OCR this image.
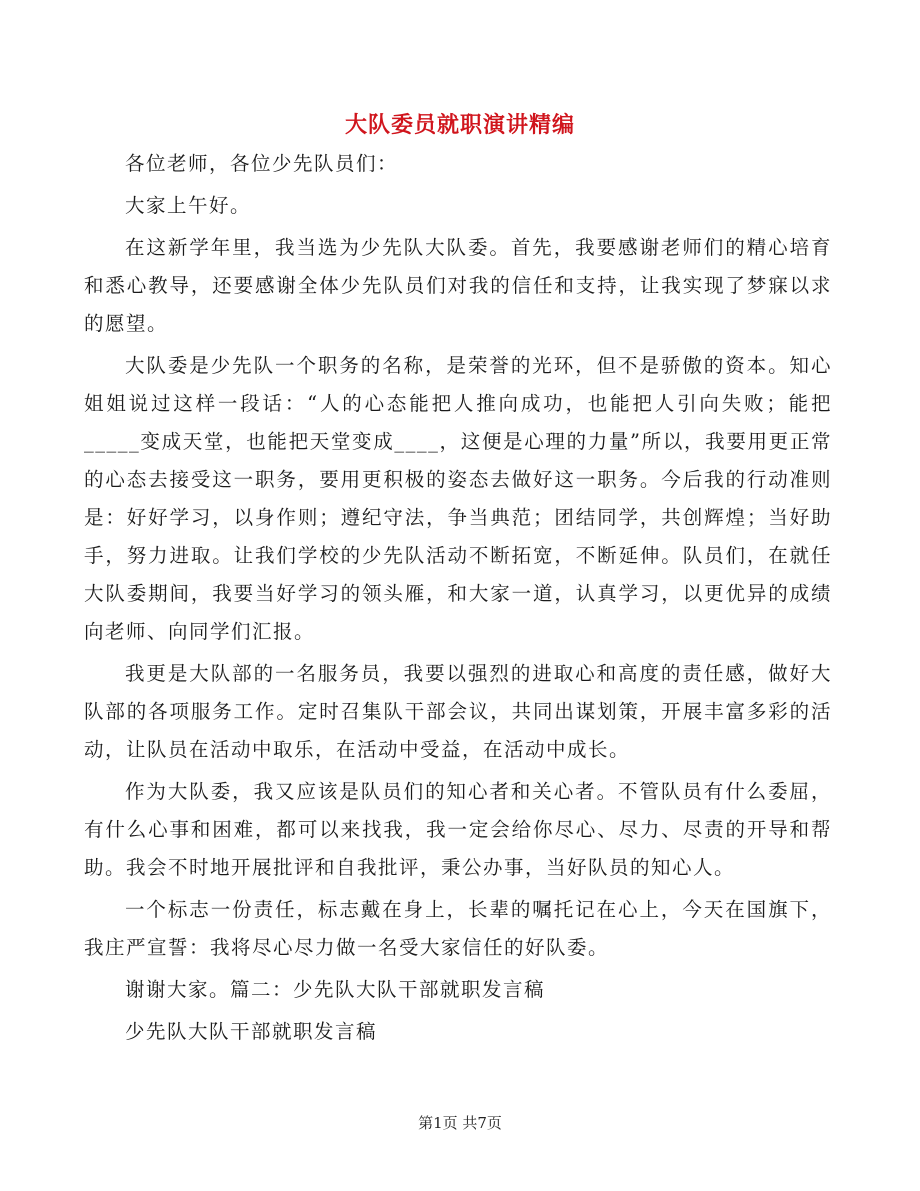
大队委员就职演讲精编

各位老师，各位少先队员们：

大家上午好。

在这新学年里，我当选为少先队大队委。首先，我要感谢老师们的精心培育和悉心教导，还要感谢全体少先队员们对我的信任和支持，让我实现了梦寐以求的愿望。

大队委是少先队一个职务的名称，是荣誉的光环，但不是骄傲的资本。知心姐姐说过这样一段话：“人的心态能把人推向成功，也能把人引向失败；能把_____变成天堂，也能把天堂变成____，这便是心理的力量”所以，我要用更正常的心态去接受这一职务，要用更积极的姿态去做好这一职务。今后我的行动准则是：好好学习，以身作则；遵纪守法，争当典范；团结同学，共创辉煌；当好助手，努力进取。让我们学校的少先队活动不断拓宽，不断延伸。队员们，在就任大队委期间，我要当好学习的领头雁，和大家一道，认真学习，以更优异的成绩向老师、向同学们汇报。

我更是大队部的一名服务员，我要以强烈的进取心和高度的责任感，做好大队部的各项服务工作。定时召集队干部会议，共同出谋划策，开展丰富多彩的活动，让队员在活动中取乐，在活动中受益，在活动中成长。

作为大队委，我又应该是队员们的知心者和关心者。不管队员有什么委屈，有什么心事和困难，都可以来找我，我一定会给你尽心、尽力、尽责的开导和帮助。我会不时地开展批评和自我批评，秉公办事，当好队员的知心人。

一个标志一份责任，标志戴在身上，长辈的嘱托记在心上，今天在国旗下，我庄严宣誓：我将尽心尽力做一名受大家信任的好队委。

谢谢大家。篇二：少先队大队干部就职发言稿

少先队大队干部就职发言稿

第1页 共7页
